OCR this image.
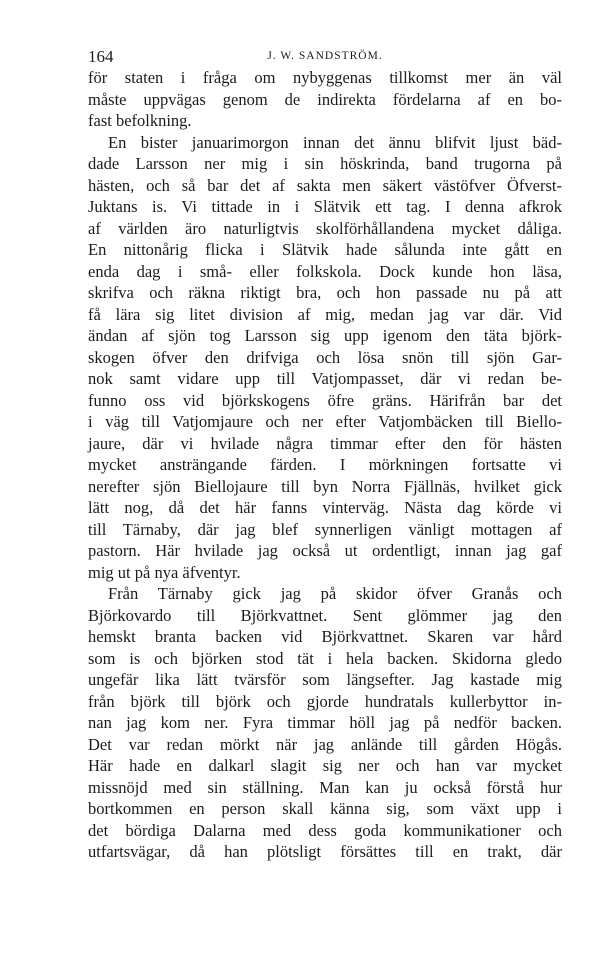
164	J. W. SANDSTRÖM.
för staten i fråga om nybyggenas tillkomst mer än väl
måste uppvägas genom de indirekta fördelarna af en bo-
fast befolkning.
En bister januarimorgon innan det ännu blifvit ljust bäd-
dade Larsson ner mig i sin höskrinda, band trugorna på
hästen, och så bar det af sakta men säkert västöfver Öfverst-
Juktans is. Vi tittade in i Slätvik ett tag. I denna afkrok
af världen äro naturligtvis skolförhållandena mycket dåliga.
En nittonårig flicka i Slätvik hade sålunda inte gått en
enda dag i små- eller folkskola. Dock kunde hon läsa,
skrifva och räkna riktigt bra, och hon passade nu på att
få lära sig litet division af mig, medan jag var där. Vid
ändan af sjön tog Larsson sig upp igenom den täta björk-
skogen öfver den drifviga och lösa snön till sjön Gar-
nok samt vidare upp till Vatjompasset, där vi redan be-
funno oss vid björkskogens öfre gräns. Härifrån bar det
i väg till Vatjomjaure och ner efter Vatjombäcken till Biello-
jaure, där vi hvilade några timmar efter den för hästen
mycket ansträngande färden. I mörkningen fortsatte vi
nerefter sjön Biellojaure till byn Norra Fjällnäs, hvilket gick
lätt nog, då det här fanns vinterväg. Nästa dag körde vi
till Tärnaby, där jag blef synnerligen vänligt mottagen af
pastorn. Här hvilade jag också ut ordentligt, innan jag gaf
mig ut på nya äfventyr.
Från Tärnaby gick jag på skidor öfver Granås och
Björkovardo till Björkvattnet. Sent glömmer jag den
hemskt branta backen vid Björkvattnet. Skaren var hård
som is och björken stod tät i hela backen. Skidorna gledo
ungefär lika lätt tvärsför som längsefter. Jag kastade mig
från björk till björk och gjorde hundratals kullerbyttor in-
nan jag kom ner. Fyra timmar höll jag på nedför backen.
Det var redan mörkt när jag anlände till gården Högås.
Här hade en dalkarl slagit sig ner och han var mycket
missnöjd med sin ställning. Man kan ju också förstå hur
bortkommen en person skall känna sig, som växt upp i
det bördiga Dalarna med dess goda kommunikationer och
utfartsvägar, då han plötsligt försättes till en trakt, där
